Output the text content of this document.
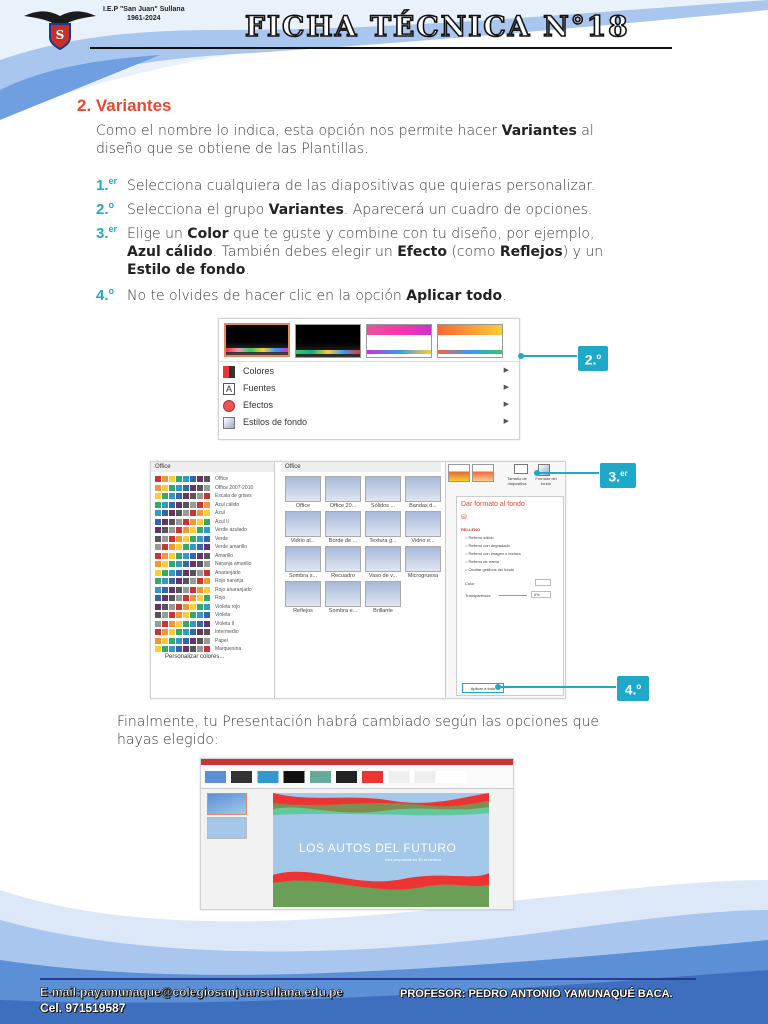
S
I.E.P "San Juan" Sullana
1961-2024	FICHA TÉCNICA N°18
2. Variantes
Como el nombre lo indica, esta opción nos permite hacer Variantes al
diseño que se obtiene de las Plantillas.
1.$^{er}$ Selecciona cualquiera de las diapositivas que quieras personalizar.
2.$^o$ Selecciona el grupo Variantes. Aparecerá un cuadro de opciones.
3.$^{er}$ Elige un Color que te guste y combine con tu diseño, por ejemplo,
Azul cálido. También debes elegir un Efecto (como Reflejos) y un
Estilo de fondo.
4.$^o$ No te olvides de hacer clic en la opción Aplicar todo.
Colores	▶
A Fuentes	▶
Efectos	▶
Estilos de fondo	▶
2.$^o$
Office
Office
Office 2007-2010
Escala de grises
Azul cálido
Azul
Azul II
Verde azulado
Verde
Verde amarillo
Amarillo
Naranja amarillo
Anaranjado
Rojo naranja
Rojo anaranjado
Rojo
Violeta rojo
Violeta
Violeta II
Intermedio
Papel
Marquesina
Personalizar colores...
Office
Office	Office 20...	Sólidos ...	Bandas d...
Vidrio al...	Borde de ...	Textura g...	Vidrio e...
Sombra s...	Recuadro	Vaso de v...	Microgruesa
Reflejos	Sombra e...	Brillante
Tamaño de diapositiva
Formato del fondo
Dar formato al fondo
⛁
RELLENO
○ Relleno sólido
○ Relleno con degradado
○ Relleno con imagen o textura
○ Relleno de trama
○ Ocultar gráficos del fondo
Color
Transparencia	0%
Aplicar a todo
3.$^{er}$
4.$^o$
Finalmente, tu Presentación habrá cambiado según las opciones que
hayas elegido:
LOS AUTOS DEL FUTURO
Una propuesta en 3D la belleza
E-mail:payamunaque@colegiosanjuansullana.edu.pe
Cel. 971519587
PROFESOR: PEDRO ANTONIO YAMUNAQUÉ BACA.
